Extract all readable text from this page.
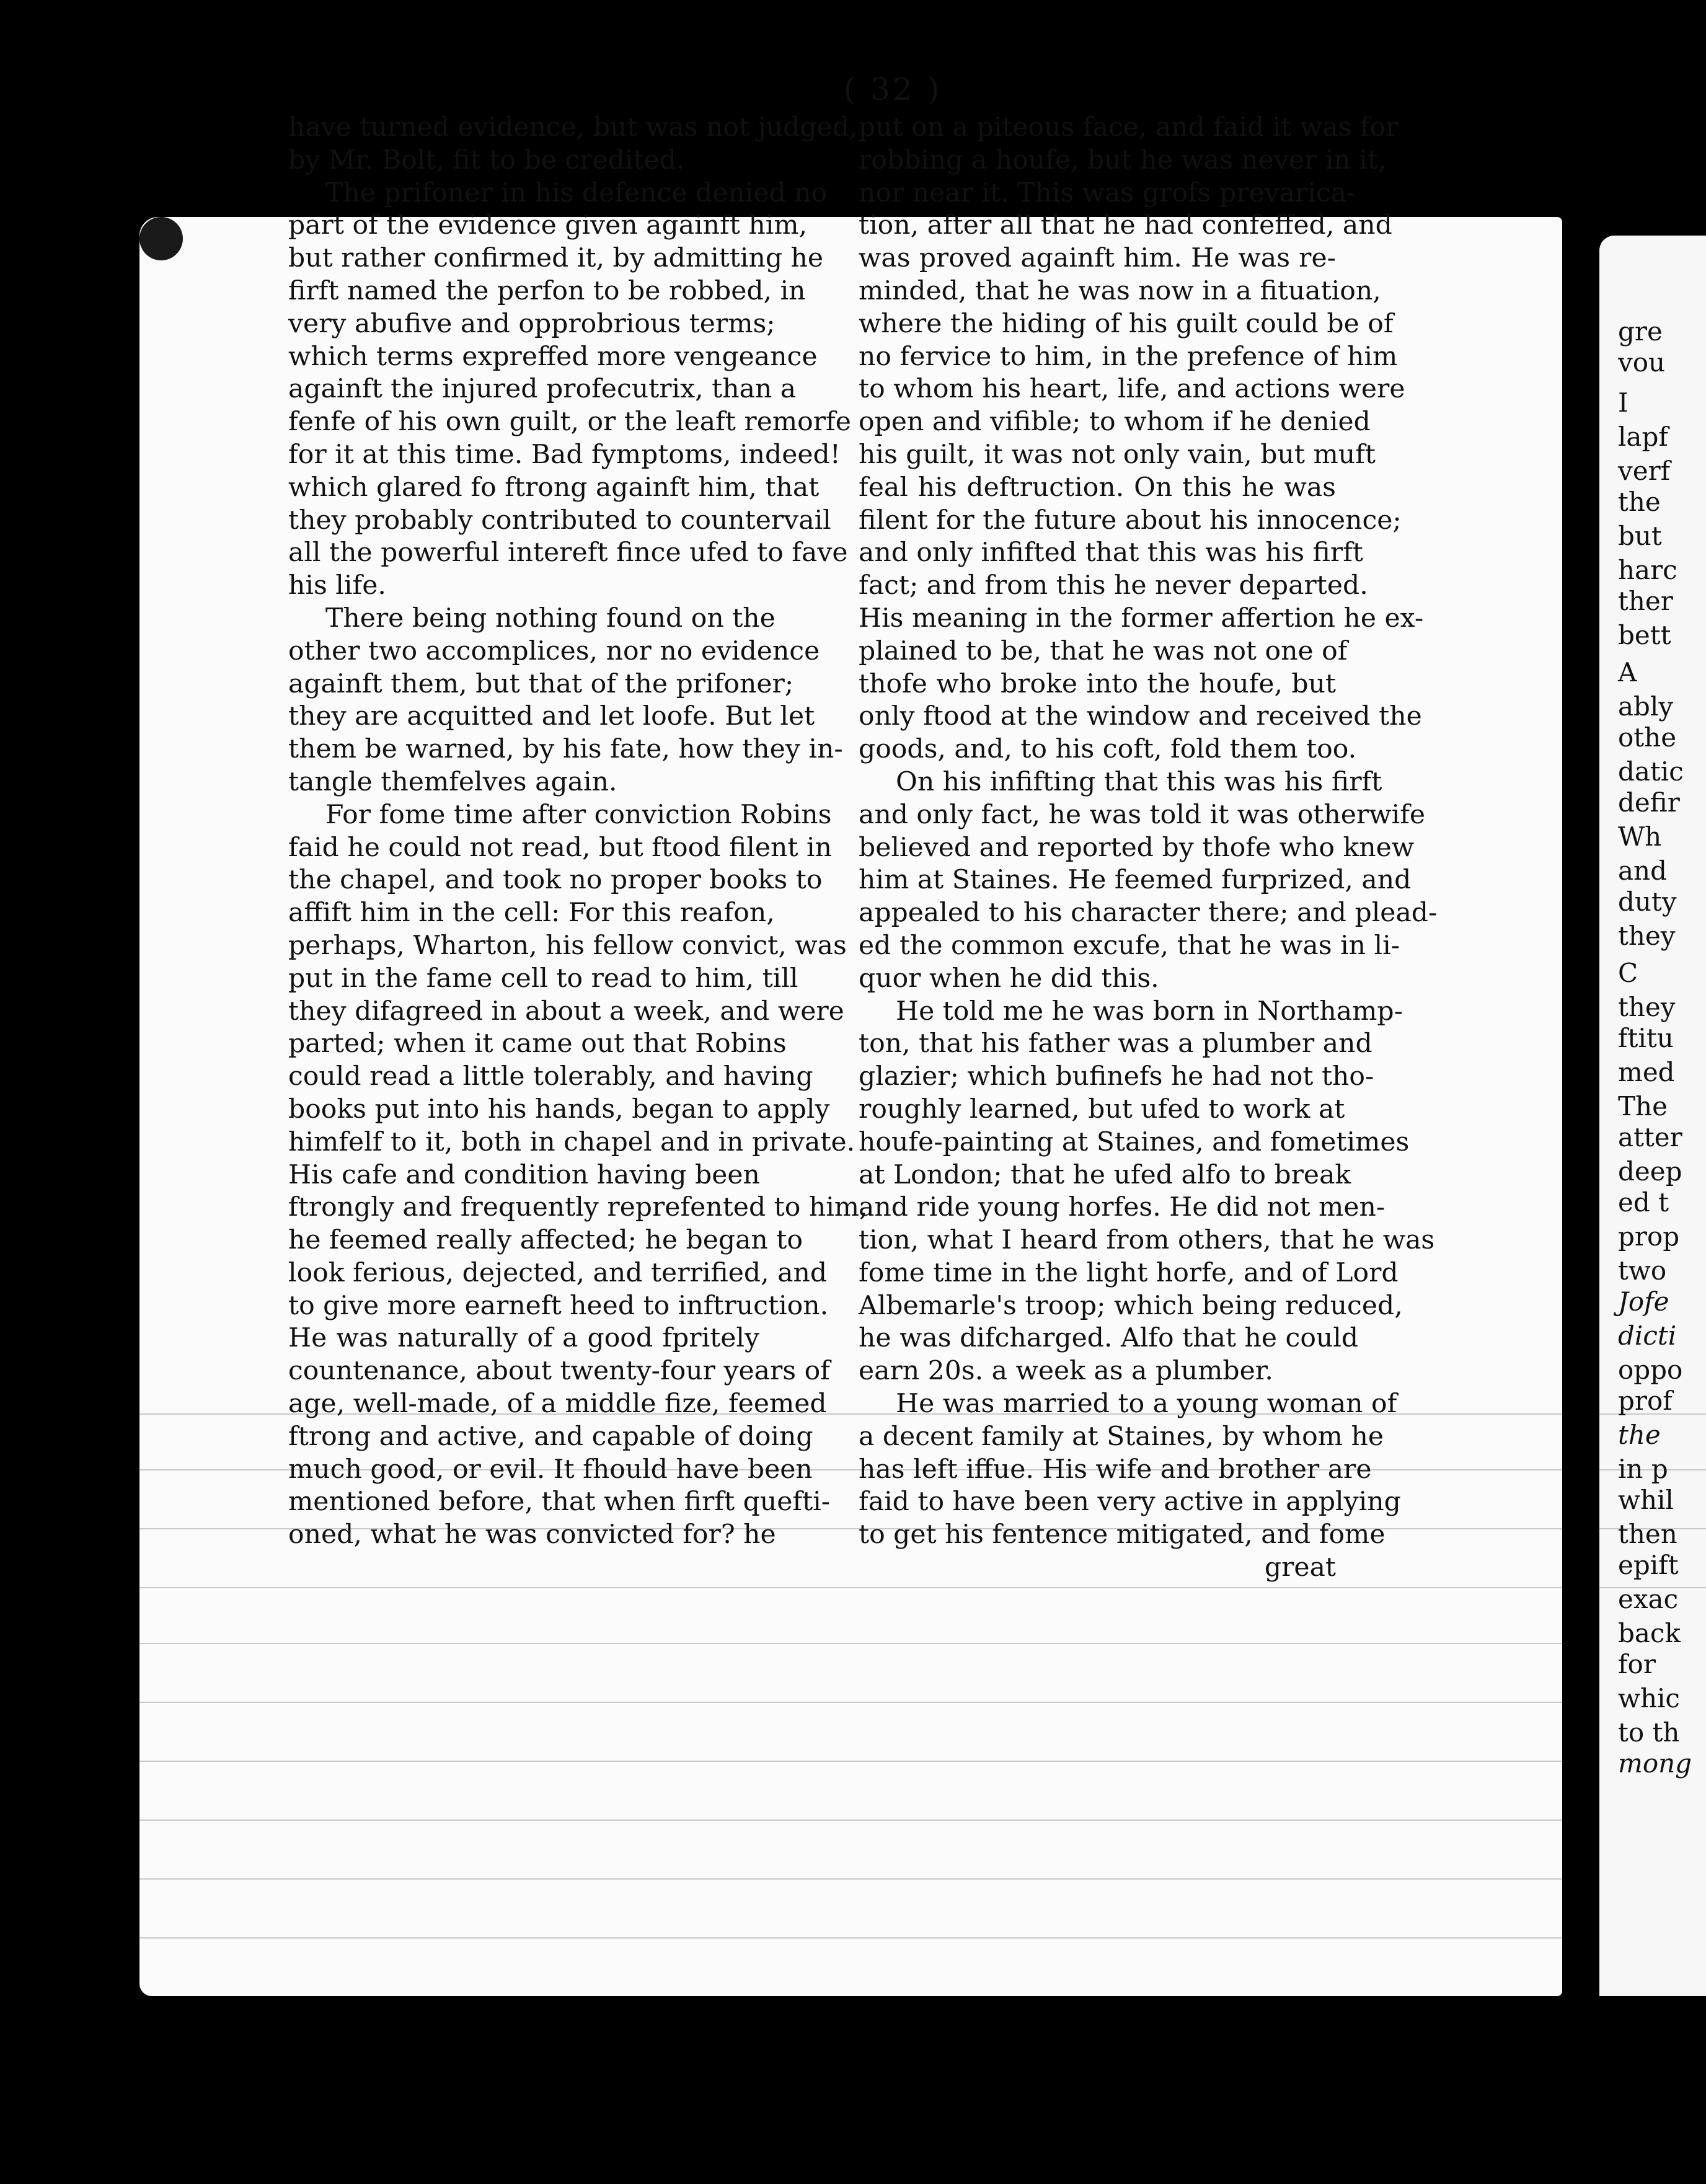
gre
vou
I
lapf
verf
the
but
harc
ther
bett
A
ably
othe
datic
defir
Wh
and
duty
they
C
they
ftitu
med
The
atter
deep
ed t
prop
two
Jofe
dicti
oppo
prof
the
in p
whil
then
epift
exac
back
for
whic
to th
mong
( 32 )
have turned evidence, but was not judged,
by Mr. Bolt, fit to be credited.
The prifoner in his defence denied no
part of the evidence given againft him,
but rather confirmed it, by admitting he
firft named the perfon to be robbed, in
very abufive and opprobrious terms;
which terms expreffed more vengeance
againft the injured profecutrix, than a
fenfe of his own guilt, or the leaft remorfe
for it at this time. Bad fymptoms, indeed!
which glared fo ftrong againft him, that
they probably contributed to countervail
all the powerful intereft fince ufed to fave
his life.
There being nothing found on the
other two accomplices, nor no evidence
againft them, but that of the prifoner;
they are acquitted and let loofe. But let
them be warned, by his fate, how they in-
tangle themfelves again.
For fome time after conviction Robins
faid he could not read, but ftood filent in
the chapel, and took no proper books to
affift him in the cell: For this reafon,
perhaps, Wharton, his fellow convict, was
put in the fame cell to read to him, till
they difagreed in about a week, and were
parted; when it came out that Robins
could read a little tolerably, and having
books put into his hands, began to apply
himfelf to it, both in chapel and in private.
His cafe and condition having been
ftrongly and frequently reprefented to him,
he feemed really affected; he began to
look ferious, dejected, and terrified, and
to give more earneft heed to inftruction.
He was naturally of a good fpritely
countenance, about twenty-four years of
age, well-made, of a middle fize, feemed
ftrong and active, and capable of doing
much good, or evil. It fhould have been
mentioned before, that when firft quefti-
oned, what he was convicted for? he
put on a piteous face, and faid it was for
robbing a houfe, but he was never in it,
nor near it. This was grofs prevarica-
tion, after all that he had confeffed, and
was proved againft him. He was re-
minded, that he was now in a fituation,
where the hiding of his guilt could be of
no fervice to him, in the prefence of him
to whom his heart, life, and actions were
open and vifible; to whom if he denied
his guilt, it was not only vain, but muft
feal his deftruction. On this he was
filent for the future about his innocence;
and only infifted that this was his firft
fact; and from this he never departed.
His meaning in the former affertion he ex-
plained to be, that he was not one of
thofe who broke into the houfe, but
only ftood at the window and received the
goods, and, to his coft, fold them too.
On his infifting that this was his firft
and only fact, he was told it was otherwife
believed and reported by thofe who knew
him at Staines. He feemed furprized, and
appealed to his character there; and plead-
ed the common excufe, that he was in li-
quor when he did this.
He told me he was born in Northamp-
ton, that his father was a plumber and
glazier; which bufinefs he had not tho-
roughly learned, but ufed to work at
houfe-painting at Staines, and fometimes
at London; that he ufed alfo to break
and ride young horfes. He did not men-
tion, what I heard from others, that he was
fome time in the light horfe, and of Lord
Albemarle's troop; which being reduced,
he was difcharged. Alfo that he could
earn 20s. a week as a plumber.
He was married to a young woman of
a decent family at Staines, by whom he
has left iffue. His wife and brother are
faid to have been very active in applying
to get his fentence mitigated, and fome
great
